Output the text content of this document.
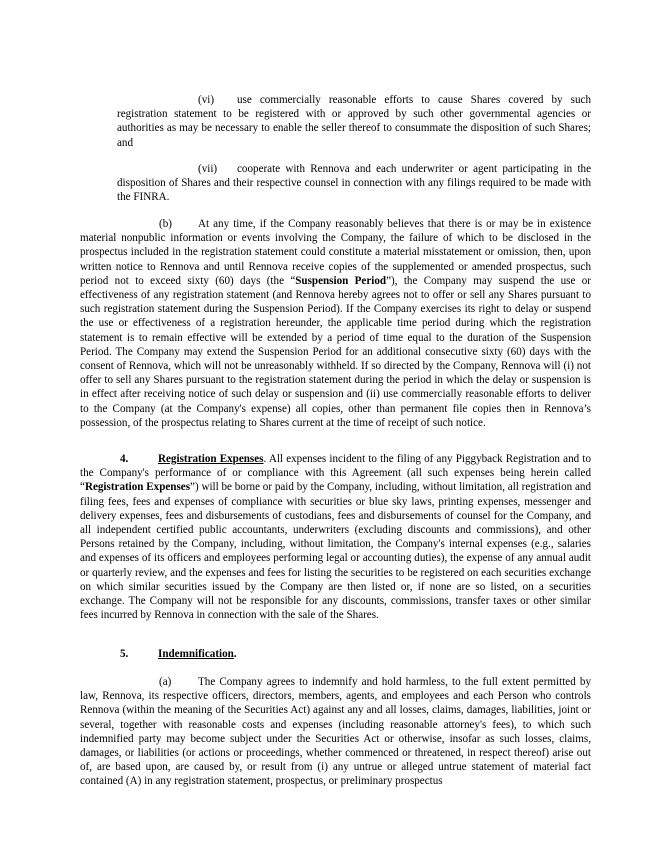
(vi) use commercially reasonable efforts to cause Shares covered by such registration statement to be registered with or approved by such other governmental agencies or authorities as may be necessary to enable the seller thereof to consummate the disposition of such Shares; and

(vii) cooperate with Rennova and each underwriter or agent participating in the disposition of Shares and their respective counsel in connection with any filings required to be made with the FINRA.

(b) At any time, if the Company reasonably believes that there is or may be in existence material nonpublic information or events involving the Company, the failure of which to be disclosed in the prospectus included in the registration statement could constitute a material misstatement or omission, then, upon written notice to Rennova and until Rennova receive copies of the supplemented or amended prospectus, such period not to exceed sixty (60) days (the “Suspension Period”), the Company may suspend the use or effectiveness of any registration statement (and Rennova hereby agrees not to offer or sell any Shares pursuant to such registration statement during the Suspension Period). If the Company exercises its right to delay or suspend the use or effectiveness of a registration hereunder, the applicable time period during which the registration statement is to remain effective will be extended by a period of time equal to the duration of the Suspension Period. The Company may extend the Suspension Period for an additional consecutive sixty (60) days with the consent of Rennova, which will not be unreasonably withheld. If so directed by the Company, Rennova will (i) not offer to sell any Shares pursuant to the registration statement during the period in which the delay or suspension is in effect after receiving notice of such delay or suspension and (ii) use commercially reasonable efforts to deliver to the Company (at the Company's expense) all copies, other than permanent file copies then in Rennova’s possession, of the prospectus relating to Shares current at the time of receipt of such notice.

4.	Registration Expenses. All expenses incident to the filing of any Piggyback Registration and to the Company's performance of or compliance with this Agreement (all such expenses being herein called “Registration Expenses”) will be borne or paid by the Company, including, without limitation, all registration and filing fees, fees and expenses of compliance with securities or blue sky laws, printing expenses, messenger and delivery expenses, fees and disbursements of custodians, fees and disbursements of counsel for the Company, and all independent certified public accountants, underwriters (excluding discounts and commissions), and other Persons retained by the Company, including, without limitation, the Company's internal expenses (e.g., salaries and expenses of its officers and employees performing legal or accounting duties), the expense of any annual audit or quarterly review, and the expenses and fees for listing the securities to be registered on each securities exchange on which similar securities issued by the Company are then listed or, if none are so listed, on a securities exchange. The Company will not be responsible for any discounts, commissions, transfer taxes or other similar fees incurred by Rennova in connection with the sale of the Shares.

5.	Indemnification.

(a) The Company agrees to indemnify and hold harmless, to the full extent permitted by law, Rennova, its respective officers, directors, members, agents, and employees and each Person who controls Rennova (within the meaning of the Securities Act) against any and all losses, claims, damages, liabilities, joint or several, together with reasonable costs and expenses (including reasonable attorney's fees), to which such indemnified party may become subject under the Securities Act or otherwise, insofar as such losses, claims, damages, or liabilities (or actions or proceedings, whether commenced or threatened, in respect thereof) arise out of, are based upon, are caused by, or result from (i) any untrue or alleged untrue statement of material fact contained (A) in any registration statement, prospectus, or preliminary prospectus
